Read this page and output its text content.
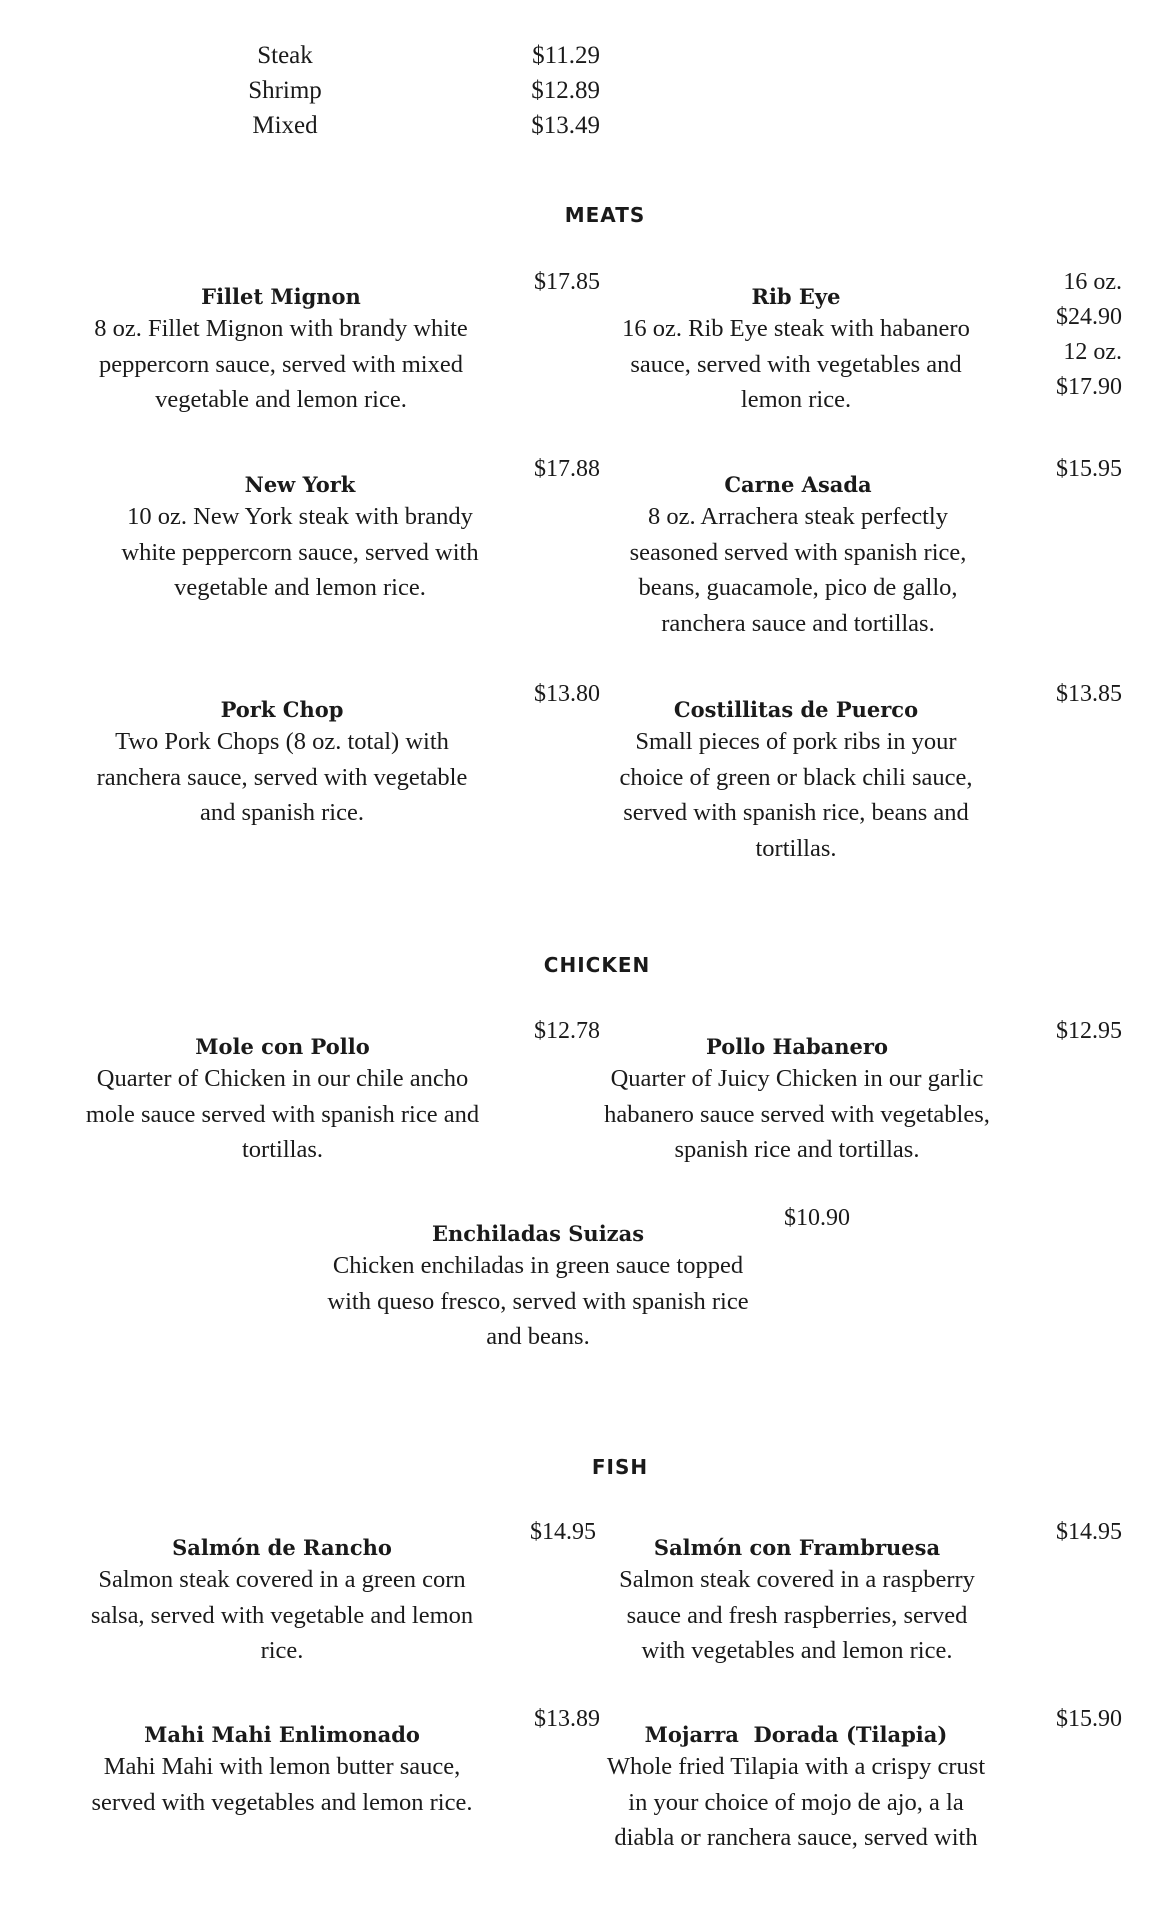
Steak	$11.29
Shrimp	$12.89
Mixed	$13.49
MEATS
Fillet Mignon
8 oz. Fillet Mignon with brandy white peppercorn sauce, served with mixed vegetable and lemon rice.
$17.85
Rib Eye
16 oz. Rib Eye steak with habanero sauce, served with vegetables and lemon rice.
16 oz.
$24.90
12 oz.
$17.90
New York
10 oz. New York steak with brandy white peppercorn sauce, served with vegetable and lemon rice.
$17.88
Carne Asada
8 oz. Arrachera steak perfectly seasoned served with spanish rice, beans, guacamole, pico de gallo, ranchera sauce and tortillas.
$15.95
Pork Chop
Two Pork Chops (8 oz. total) with ranchera sauce, served with vegetable and spanish rice.
$13.80
Costillitas de Puerco
Small pieces of pork ribs in your choice of green or black chili sauce, served with spanish rice, beans and tortillas.
$13.85
CHICKEN
Mole con Pollo
Quarter of Chicken in our chile ancho mole sauce served with spanish rice and tortillas.
$12.78
Pollo Habanero
Quarter of Juicy Chicken in our garlic habanero sauce served with vegetables, spanish rice and tortillas.
$12.95
Enchiladas Suizas
Chicken enchiladas in green sauce topped with queso fresco, served with spanish rice and beans.
$10.90
FISH
Salmón de Rancho
Salmon steak covered in a green corn salsa, served with vegetable and lemon rice.
$14.95
Salmón con Frambruesa
Salmon steak covered in a raspberry sauce and fresh raspberries, served with vegetables and lemon rice.
$14.95
Mahi Mahi Enlimonado
Mahi Mahi with lemon butter sauce, served with vegetables and lemon rice.
$13.89
Mojarra  Dorada (Tilapia)
Whole fried Tilapia with a crispy crust in your choice of mojo de ajo, a la diabla or ranchera sauce, served with
$15.90
